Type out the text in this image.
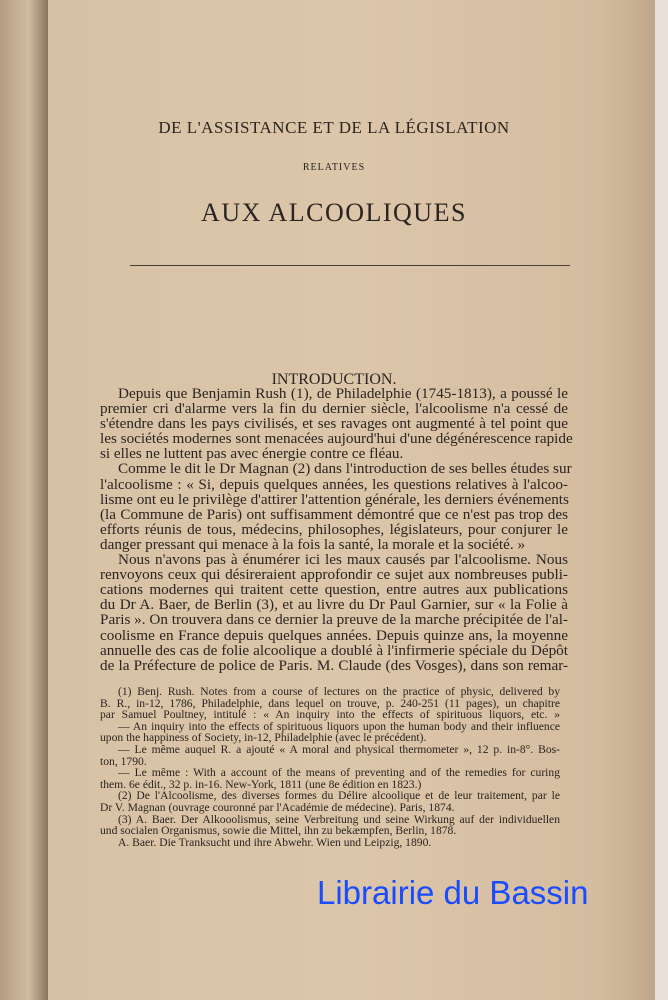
DE L'ASSISTANCE ET DE LA LÉGISLATION
RELATIVES
AUX ALCOOLIQUES
INTRODUCTION.
Depuis que Benjamin Rush (1), de Philadelphie (1745-1813), a poussé le
premier cri d'alarme vers la fin du dernier siècle, l'alcoolisme n'a cessé de
s'étendre dans les pays civilisés, et ses ravages ont augmenté à tel point que
les sociétés modernes sont menacées aujourd'hui d'une dégénérescence rapide
si elles ne luttent pas avec énergie contre ce fléau.
Comme le dit le Dr Magnan (2) dans l'introduction de ses belles études sur
l'alcoolisme : « Si, depuis quelques années, les questions relatives à l'alcoo-
lisme ont eu le privilège d'attirer l'attention générale, les derniers événements
(la Commune de Paris) ont suffisamment démontré que ce n'est pas trop des
efforts réunis de tous, médecins, philosophes, législateurs, pour conjurer le
danger pressant qui menace à la fois la santé, la morale et la société. »
Nous n'avons pas à énumérer ici les maux causés par l'alcoolisme. Nous
renvoyons ceux qui désireraient approfondir ce sujet aux nombreuses publi-
cations modernes qui traitent cette question, entre autres aux publications
du Dr A. Baer, de Berlin (3), et au livre du Dr Paul Garnier, sur « la Folie à
Paris ». On trouvera dans ce dernier la preuve de la marche précipitée de l'al-
coolisme en France depuis quelques années. Depuis quinze ans, la moyenne
annuelle des cas de folie alcoolique a doublé à l'infirmerie spéciale du Dépôt
de la Préfecture de police de Paris. M. Claude (des Vosges), dans son remar-
(1) Benj. Rush. Notes from a course of lectures on the practice of physic, delivered by
B. R., in-12, 1786, Philadelphie, dans lequel on trouve, p. 240-251 (11 pages), un chapitre
par Samuel Poultney, intitulé : « An inquiry into the effects of spirituous liquors, etc. »
— An inquiry into the effects of spirituous liquors upon the human body and their influence
upon the happiness of Society, in-12, Philadelphie (avec le précédent).
— Le même auquel R. a ajouté « A moral and physical thermometer », 12 p. in-8°. Bos-
ton, 1790.
— Le même : With a account of the means of preventing and of the remedies for curing
them. 6e édit., 32 p. in-16. New-York, 1811 (une 8e édition en 1823.)
(2) De l'Alcoolisme, des diverses formes du Délire alcoolique et de leur traitement, par le
Dr V. Magnan (ouvrage couronné par l'Académie de médecine). Paris, 1874.
(3) A. Baer. Der Alkooolismus, seine Verbreitung und seine Wirkung auf der individuellen
und socialen Organismus, sowie die Mittel, ihn zu bekæmpfen, Berlin, 1878.
A. Baer. Die Tranksucht und ihre Abwehr. Wien und Leipzig, 1890.
Librairie du Bassin
